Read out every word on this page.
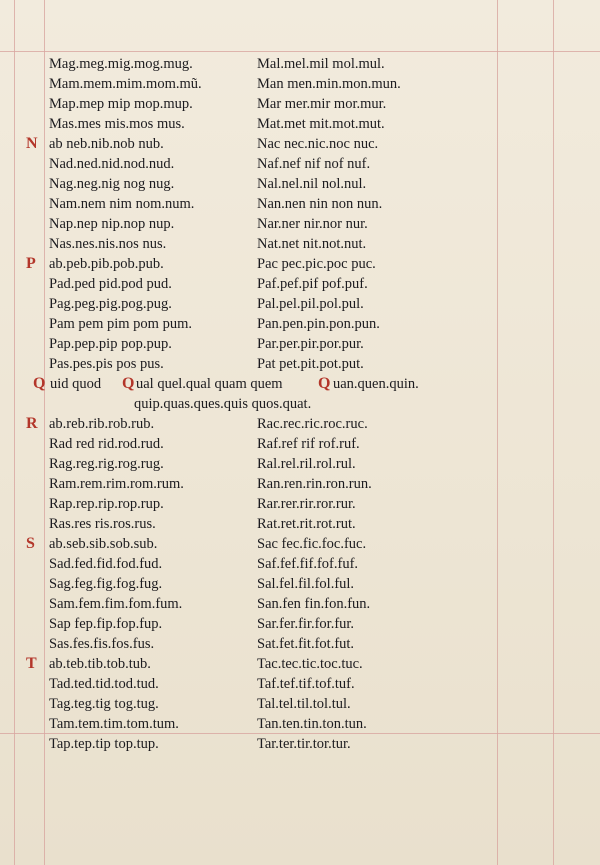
Mag.meg.mig.mog.mug.	Mal.mel.mil mol.mul.
Mam.mem.mim.mom.mũ.	Man men.min.mon.mun.
Map.mep mip mop.mup.	Mar mer.mir mor.mur.
Mas.mes mis.mos mus.	Mat.met mit.mot.mut.
N ab neb.nib.nob nub.	Nac nec.nic.noc nuc.
Nad.ned.nid.nod.nud.	Naf.nef nif nof nuf.
Nag.neg.nig nog nug.	Nal.nel.nil nol.nul.
Nam.nem nim nom.num.	Nan.nen nin non nun.
Nap.nep nip.nop nup.	Nar.ner nir.nor nur.
Nas.nes.nis.nos nus.	Nat.net nit.not.nut.
P ab.peb.pib.pob.pub.	Pac pec.pic.poc puc.
Pad.ped pid.pod pud.	Paf.pef.pif pof.puf.
Pag.peg.pig.pog.pug.	Pal.pel.pil.pol.pul.
Pam pem pim pom pum.	Pan.pen.pin.pon.pun.
Pap.pep.pip pop.pup.	Par.per.pir.por.pur.
Pas.pes.pis pos pus.	Pat pet.pit.pot.put.
Q uid quod Q ual quel.qual quam quem Q uan.quen.quin.
quip.quas.ques.quis quos.quat.
R ab.reb.rib.rob.rub.	Rac.rec.ric.roc.ruc.
Rad red rid.rod.rud.	Raf.ref rif rof.ruf.
Rag.reg.rig.rog.rug.	Ral.rel.ril.rol.rul.
Ram.rem.rim.rom.rum.	Ran.ren.rin.ron.run.
Rap.rep.rip.rop.rup.	Rar.rer.rir.ror.rur.
Ras.res ris.ros.rus.	Rat.ret.rit.rot.rut.
S ab.seb.sib.sob.sub.	Sac fec.fic.foc.fuc.
Sad.fed.fid.fod.fud.	Saf.fef.fif.fof.fuf.
Sag.feg.fig.fog.fug.	Sal.fel.fil.fol.ful.
Sam.fem.fim.fom.fum.	San.fen fin.fon.fun.
Sap fep.fip.fop.fup.	Sar.fer.fir.for.fur.
Sas.fes.fis.fos.fus.	Sat.fet.fit.fot.fut.
T ab.teb.tib.tob.tub.	Tac.tec.tic.toc.tuc.
Tad.ted.tid.tod.tud.	Taf.tef.tif.tof.tuf.
Tag.teg.tig tog.tug.	Tal.tel.til.tol.tul.
Tam.tem.tim.tom.tum.	Tan.ten.tin.ton.tun.
Tap.tep.tip top.tup.	Tar.ter.tir.tor.tur.
